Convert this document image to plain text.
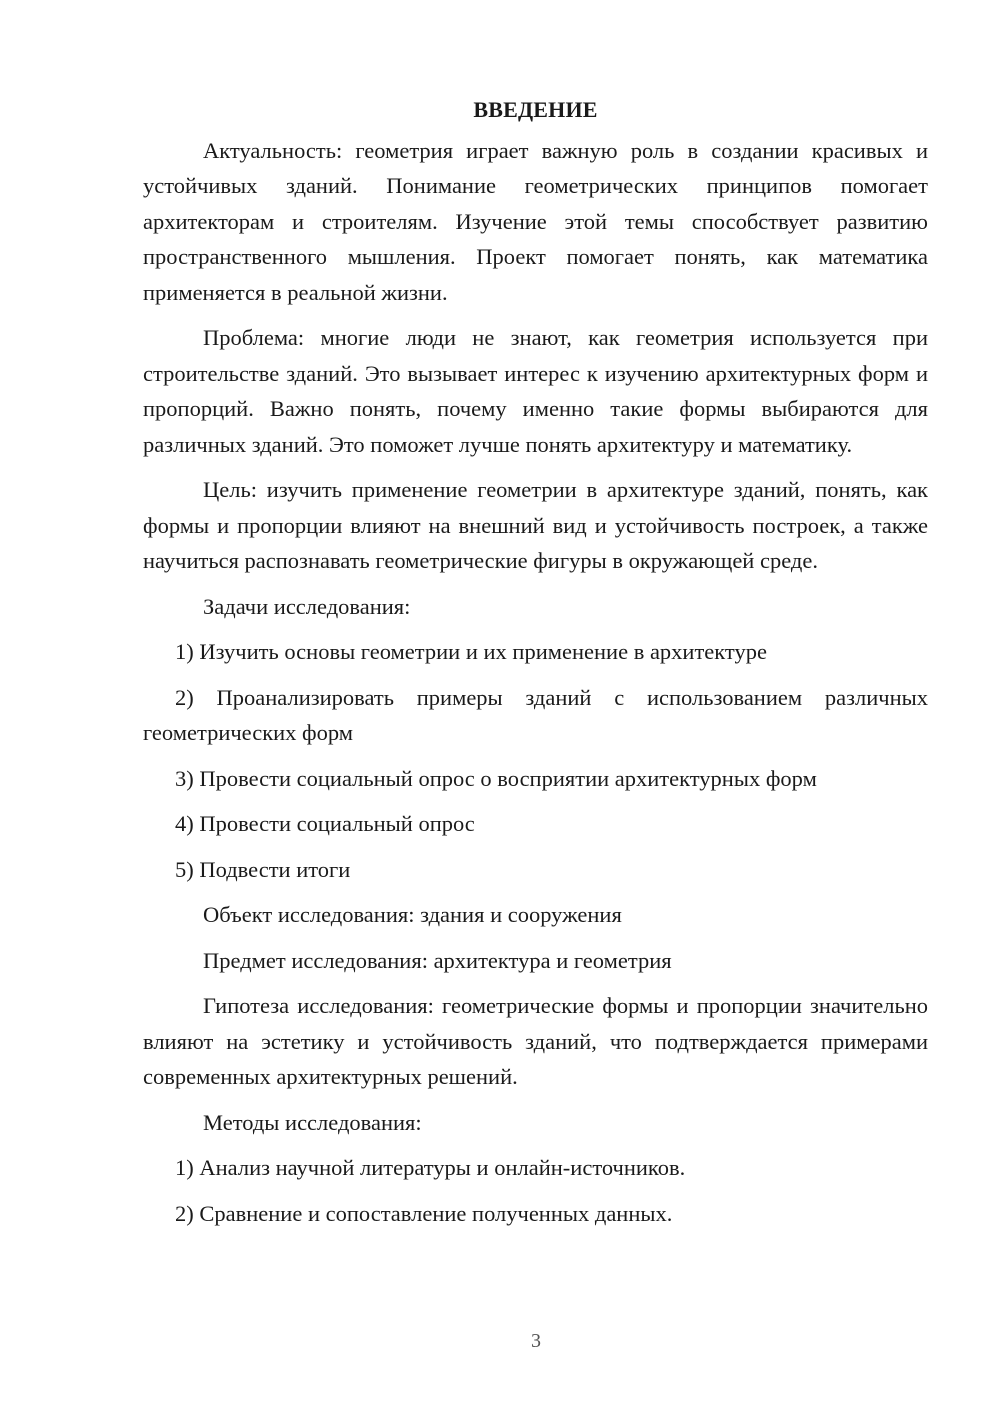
ВВЕДЕНИЕ

Актуальность: геометрия играет важную роль в создании красивых и устойчивых зданий. Понимание геометрических принципов помогает архитекторам и строителям. Изучение этой темы способствует развитию пространственного мышления. Проект помогает понять, как математика применяется в реальной жизни.

Проблема: многие люди не знают, как геометрия используется при строительстве зданий. Это вызывает интерес к изучению архитектурных форм и пропорций. Важно понять, почему именно такие формы выбираются для различных зданий. Это поможет лучше понять архитектуру и математику.

Цель: изучить применение геометрии в архитектуре зданий, понять, как формы и пропорции влияют на внешний вид и устойчивость построек, а также научиться распознавать геометрические фигуры в окружающей среде.

Задачи исследования:

1) Изучить основы геометрии и их применение в архитектуре

2) Проанализировать примеры зданий с использованием различных геометрических форм

3) Провести социальный опрос о восприятии архитектурных форм

4) Провести социальный опрос

5) Подвести итоги

Объект исследования: здания и сооружения
Предмет исследования: архитектура и геометрия

Гипотеза исследования: геометрические формы и пропорции значительно влияют на эстетику и устойчивость зданий, что подтверждается примерами современных архитектурных решений.

Методы исследования:

1) Анализ научной литературы и онлайн-источников.

2) Сравнение и сопоставление полученных данных.

3
